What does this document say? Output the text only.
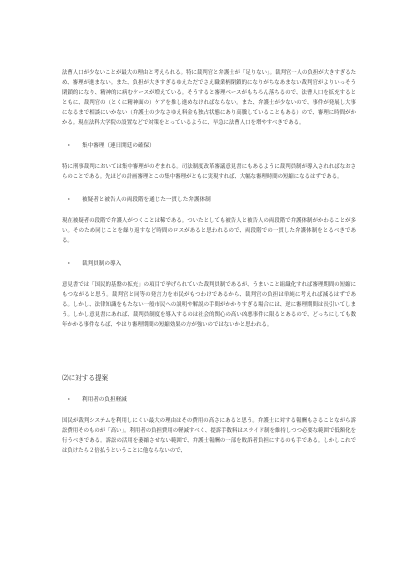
法曹人口が少ないことが最大の理由と考えられる。特に裁判官と弁護士が「足りない」。裁判官一人の負担が大きすぎるため、審理が進まない。また、負担が大きすぎるゆえただでさえ職業柄閉鎖的になりがちなあまない裁判官がよりいっそう閉鎖的になり、精神的に病むケースが増えている。そうすると審理ベースがもちろん落ちるので、法曹人口を拡充するとともに、裁判官の（とくに精神面の）ケアを推し進めなければならない。また、弁護士が少ないので、事件が発展し大事になるまで相談にいかない（弁護士の少なさゆえ料金も独占状態にあり高騰していることもある）ので、審理に時間がかかる。現在法科大学院の設置などで対策をとっているように、早急に法曹人口を増やすべきである。

・	集中審理（連日開廷の確保）

特に刑事裁判においては集中審理がのぞまれる。司法制度改革審議意見書にもあるように裁判員制が導入されればなおさらのことである。先ほどの計画審理とこの集中審理がともに実現すれば、大幅な審理時間の短縮になるはずである。

・	被疑者と被告人の両段階を通じた一貫した弁護体制

現在被疑者の段階で弁護人がつくことは稀である。ついたとしても被告人と被告人の両段階で弁護体制がかわることが多い。そのため同じことを繰り返すなど時間のロスがあると思われるので、両段階での一貫した弁護体制をとるべきである。

・	裁判員制の導入

意見書では「国民的基盤の拡充」の項目で挙げられていた裁判員制であるが、うまいこと組織化すれば審理期間の短縮にもつながると思う。裁判官と同等の発言力を市民がもつわけであるから、裁判官の負担は単純に考えれば減るはずである。しかし、法律知識をもたない一般市民への説明や解説の手間がかかりすぎる場合には、逆に審理期間は長引いてしまう。しかし意見書にあれば、裁判員制度を導入するのは社会的関心の高い凶悪事件に限るとあるので、どっちにしても数年かかる事件ならば、やはり審理期間の短縮効果の方が強いのではないかと思われる。

⑵に対する提案

・	利用者の負担軽減

国民が裁判システムを利用しにくい最大の理由はその費用の高さにあると思う。弁護士に対する報酬もさることながら訴訟費用そのものが「高い」。利用者の負担費用の軽減すべく、提訴手数料はスライド制を維持しつつ必要な範囲で低額化を行うべきである。訴訟の活用を萎縮させない範囲で、弁護士報酬の一部を敗訴者負担にするのも手である。しかしこれでは負けたら２倍払うということに他ならないので、
